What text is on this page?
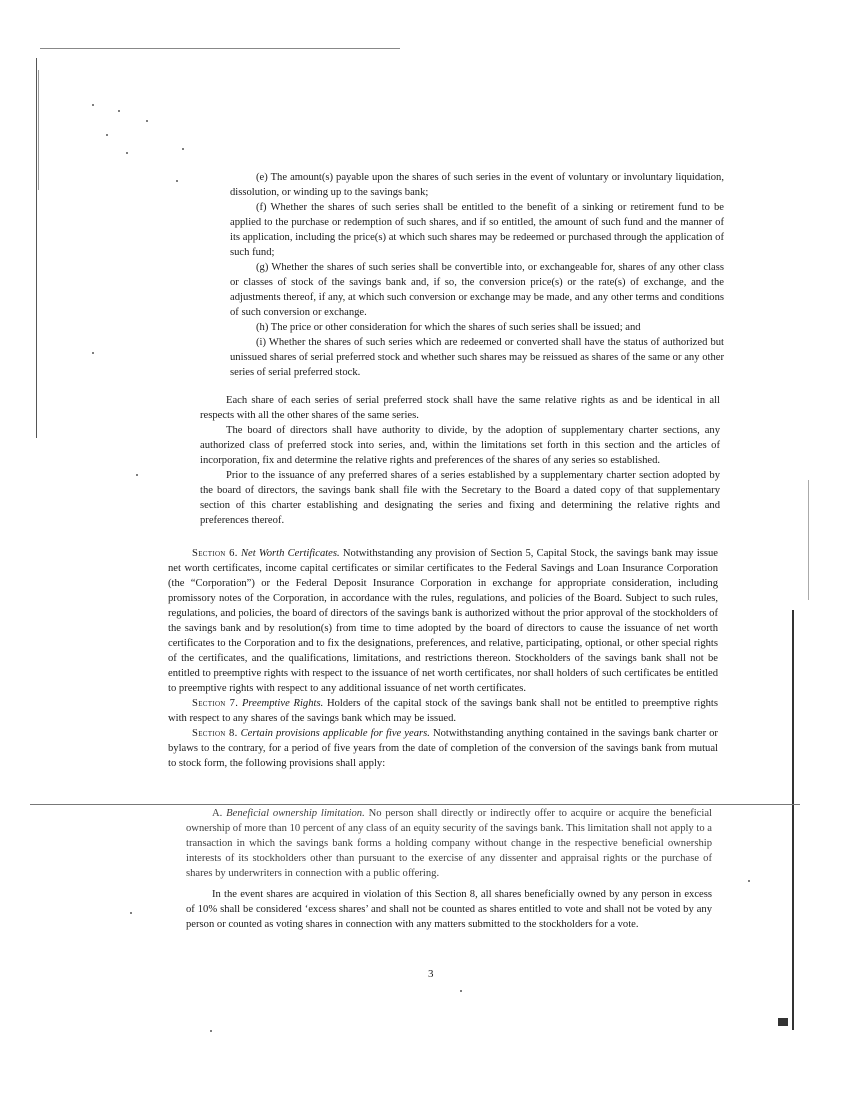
(e) The amount(s) payable upon the shares of such series in the event of voluntary or involuntary liquidation, dissolution, or winding up to the savings bank;

(f) Whether the shares of such series shall be entitled to the benefit of a sinking or retirement fund to be applied to the purchase or redemption of such shares, and if so entitled, the amount of such fund and the manner of its application, including the price(s) at which such shares may be redeemed or purchased through the application of such fund;

(g) Whether the shares of such series shall be convertible into, or exchangeable for, shares of any other class or classes of stock of the savings bank and, if so, the conversion price(s) or the rate(s) of exchange, and the adjustments thereof, if any, at which such conversion or exchange may be made, and any other terms and conditions of such conversion or exchange.

(h) The price or other consideration for which the shares of such series shall be issued; and

(i) Whether the shares of such series which are redeemed or converted shall have the status of authorized but unissued shares of serial preferred stock and whether such shares may be reissued as shares of the same or any other series of serial preferred stock.

Each share of each series of serial preferred stock shall have the same relative rights as and be identical in all respects with all the other shares of the same series.

The board of directors shall have authority to divide, by the adoption of supplementary charter sections, any authorized class of preferred stock into series, and, within the limitations set forth in this section and the articles of incorporation, fix and determine the relative rights and preferences of the shares of any series so established.

Prior to the issuance of any preferred shares of a series established by a supplementary charter section adopted by the board of directors, the savings bank shall file with the Secretary to the Board a dated copy of that supplementary section of this charter establishing and designating the series and fixing and determining the relative rights and preferences thereof.

Section 6. Net Worth Certificates. Notwithstanding any provision of Section 5, Capital Stock, the savings bank may issue net worth certificates, income capital certificates or similar certificates to the Federal Savings and Loan Insurance Corporation (the “Corporation”) or the Federal Deposit Insurance Corporation in exchange for appropriate consideration, including promissory notes of the Corporation, in accordance with the rules, regulations, and policies of the Board. Subject to such rules, regulations, and policies, the board of directors of the savings bank is authorized without the prior approval of the stockholders of the savings bank and by resolution(s) from time to time adopted by the board of directors to cause the issuance of net worth certificates to the Corporation and to fix the designations, preferences, and relative, participating, optional, or other special rights of the certificates, and the qualifications, limitations, and restrictions thereon. Stockholders of the savings bank shall not be entitled to preemptive rights with respect to the issuance of net worth certificates, nor shall holders of such certificates be entitled to preemptive rights with respect to any additional issuance of net worth certificates.

Section 7. Preemptive Rights. Holders of the capital stock of the savings bank shall not be entitled to preemptive rights with respect to any shares of the savings bank which may be issued.

Section 8. Certain provisions applicable for five years. Notwithstanding anything contained in the savings bank charter or bylaws to the contrary, for a period of five years from the date of completion of the conversion of the savings bank from mutual to stock form, the following provisions shall apply:

A. Beneficial ownership limitation. No person shall directly or indirectly offer to acquire or acquire the beneficial ownership of more than 10 percent of any class of an equity security of the savings bank. This limitation shall not apply to a transaction in which the savings bank forms a holding company without change in the respective beneficial ownership interests of its stockholders other than pursuant to the exercise of any dissenter and appraisal rights or the purchase of shares by underwriters in connection with a public offering.

In the event shares are acquired in violation of this Section 8, all shares beneficially owned by any person in excess of 10% shall be considered ‘excess shares’ and shall not be counted as shares entitled to vote and shall not be voted by any person or counted as voting shares in connection with any matters submitted to the stockholders for a vote.

3
